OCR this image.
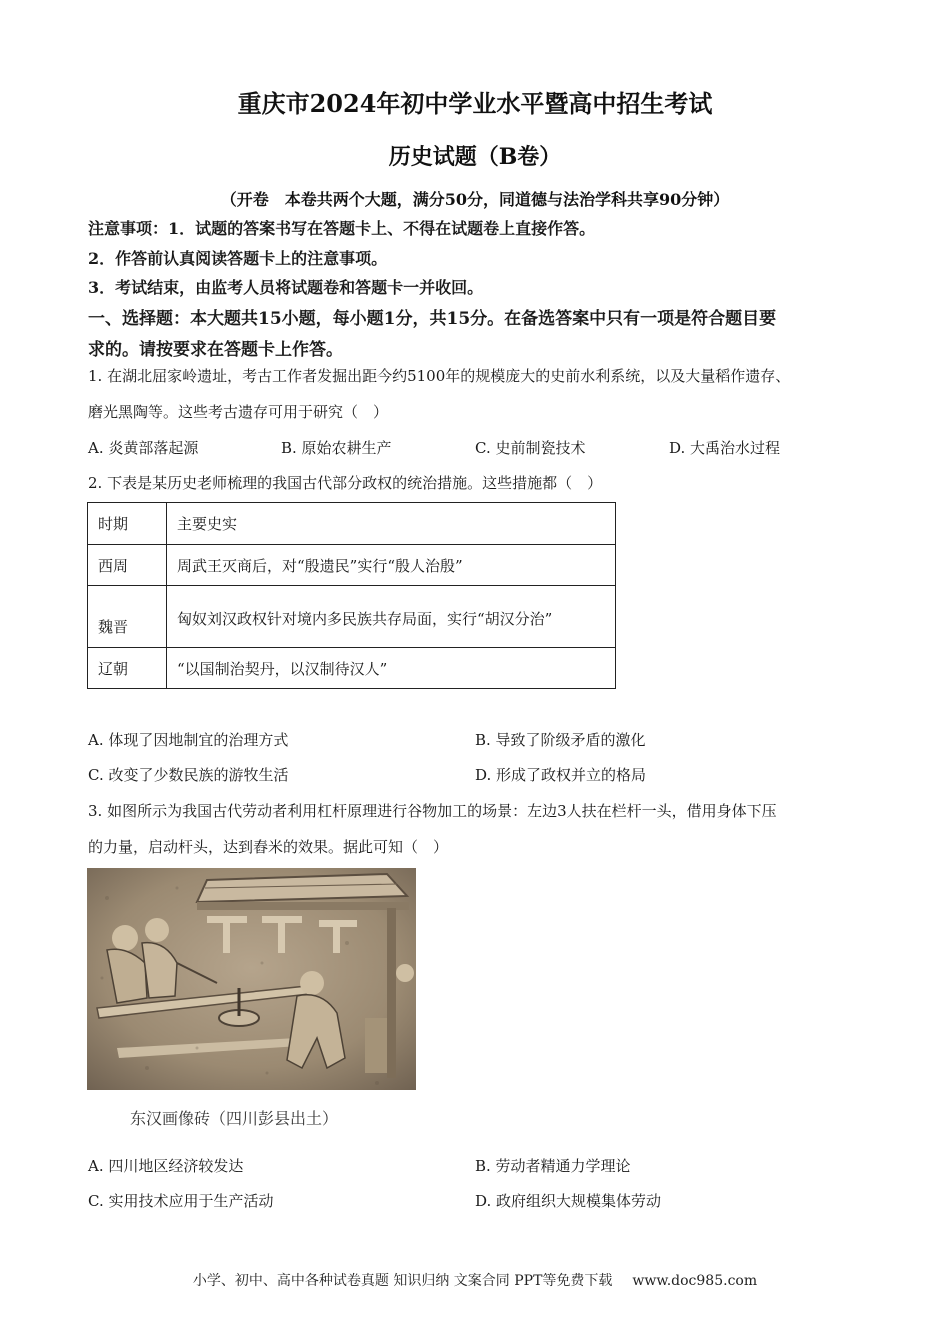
重庆市2024年初中学业水平暨高中招生考试
历史试题（B卷）
（开卷　本卷共两个大题，满分50分，同道德与法治学科共享90分钟）
注意事项：1．试题的答案书写在答题卡上、不得在试题卷上直接作答。
2．作答前认真阅读答题卡上的注意事项。
3．考试结束，由监考人员将试题卷和答题卡一并收回。
一、选择题：本大题共15小题，每小题1分，共15分。在备选答案中只有一项是符合题目要
求的。请按要求在答题卡上作答。
1. 在湖北屈家岭遗址，考古工作者发掘出距今约5100年的规模庞大的史前水利系统，以及大量稻作遗存、
磨光黑陶等。这些考古遗存可用于研究（　）
A. 炎黄部落起源	B. 原始农耕生产	C. 史前制瓷技术	D. 大禹治水过程
2. 下表是某历史老师梳理的我国古代部分政权的统治措施。这些措施都（　）
时期	主要史实
西周	周武王灭商后，对“殷遗民”实行“殷人治殷”
魏晋	匈奴刘汉政权针对境内多民族共存局面，实行“胡汉分治”
辽朝	“以国制治契丹，以汉制待汉人”
A. 体现了因地制宜的治理方式	B. 导致了阶级矛盾的激化
C. 改变了少数民族的游牧生活	D. 形成了政权并立的格局
3. 如图所示为我国古代劳动者利用杠杆原理进行谷物加工的场景：左边3人扶在栏杆一头，借用身体下压
的力量，启动杆头，达到舂米的效果。据此可知（　）
东汉画像砖（四川彭县出土）
A. 四川地区经济较发达	B. 劳动者精通力学理论
C. 实用技术应用于生产活动	D. 政府组织大规模集体劳动
小学、初中、高中各种试卷真题 知识归纳 文案合同 PPT等免费下载 www.doc985.com
